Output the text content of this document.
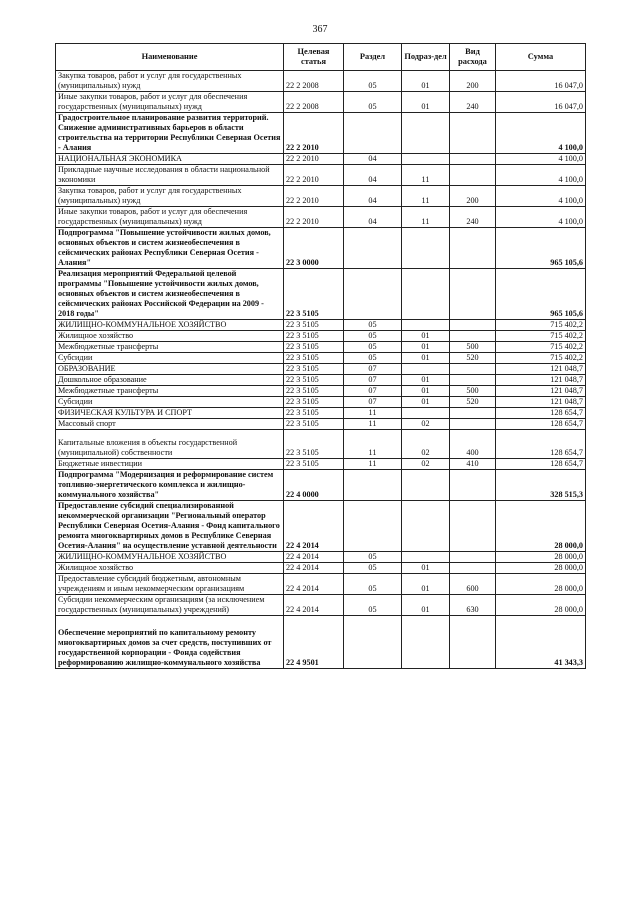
367
Наименование	Целевая статья	Раздел	Подраз-дел	Вид расхода	Сумма
Закупка товаров, работ и услуг для государственных (муниципальных) нужд	22 2 2008	05	01	200	16 047,0
Иные закупки товаров, работ и услуг для обеспечения государственных (муниципальных) нужд	22 2 2008	05	01	240	16 047,0
Градостроительное планирование развития территорий. Снижение административных барьеров в области строительства на территории Республики Северная Осетия - Алания	22 2 2010				4 100,0
НАЦИОНАЛЬНАЯ ЭКОНОМИКА	22 2 2010	04			4 100,0
Прикладные научные исследования в области национальной экономики	22 2 2010	04	11		4 100,0
Закупка товаров, работ и услуг для государственных (муниципальных) нужд	22 2 2010	04	11	200	4 100,0
Иные закупки товаров, работ и услуг для обеспечения государственных (муниципальных) нужд	22 2 2010	04	11	240	4 100,0
Подпрограмма "Повышение устойчивости жилых домов, основных объектов и систем жизнеобеспечения в сейсмических районах Республики Северная Осетия - Алания"	22 3 0000				965 105,6
Реализация мероприятий Федеральной целевой программы "Повышение устойчивости жилых домов, основных объектов и систем жизнеобеспечения в сейсмических районах Российской Федерации на 2009 - 2018 годы"	22 3 5105				965 105,6
ЖИЛИЩНО-КОММУНАЛЬНОЕ ХОЗЯЙСТВО	22 3 5105	05			715 402,2
Жилищное хозяйство	22 3 5105	05	01		715 402,2
Межбюджетные трансферты	22 3 5105	05	01	500	715 402,2
Субсидии	22 3 5105	05	01	520	715 402,2
ОБРАЗОВАНИЕ	22 3 5105	07			121 048,7
Дошкольное образование	22 3 5105	07	01		121 048,7
Межбюджетные трансферты	22 3 5105	07	01	500	121 048,7
Субсидии	22 3 5105	07	01	520	121 048,7
ФИЗИЧЕСКАЯ КУЛЬТУРА И СПОРТ	22 3 5105	11			128 654,7
Массовый спорт	22 3 5105	11	02		128 654,7
Капитальные вложения в объекты государственной (муниципальной) собственности	22 3 5105	11	02	400	128 654,7
Бюджетные инвестиции	22 3 5105	11	02	410	128 654,7
Подпрограмма "Модернизация и реформирование систем топливно-энергетического комплекса и жилищно-коммунального хозяйства"	22 4 0000				328 515,3
Предоставление субсидий специализированной некоммерческой организации "Региональный оператор Республики Северная Осетия-Алания - Фонд капитального ремонта многоквартирных домов в Республике Северная Осетия-Алания" на осуществление уставной деятельности	22 4 2014				28 000,0
ЖИЛИЩНО-КОММУНАЛЬНОЕ ХОЗЯЙСТВО	22 4 2014	05			28 000,0
Жилищное хозяйство	22 4 2014	05	01		28 000,0
Предоставление субсидий бюджетным, автономным учреждениям и иным некоммерческим организациям	22 4 2014	05	01	600	28 000,0
Субсидии некоммерческим организациям (за исключением государственных (муниципальных) учреждений)	22 4 2014	05	01	630	28 000,0
Обеспечение мероприятий по капитальному ремонту многоквартирных домов за счет средств, поступивших от государственной корпорации - Фонда содействия реформированию жилищно-коммунального хозяйства	22 4 9501				41 343,3
